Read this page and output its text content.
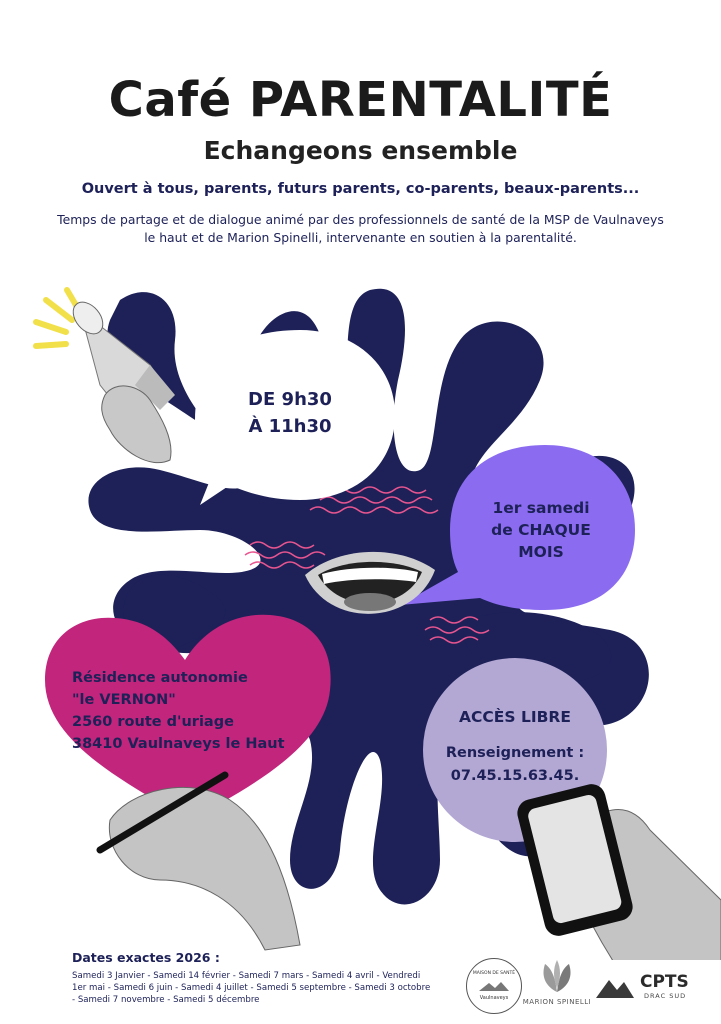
Café PARENTALITÉ
Echangeons ensemble
Ouvert à tous, parents, futurs parents, co-parents, beaux-parents...
Temps de partage et de dialogue animé par des professionnels de santé de la MSP de Vaulnaveys le haut et de Marion Spinelli, intervenante en soutien à la parentalité.
DE 9h30
À 11h30
1er samedi
de CHAQUE
MOIS
Résidence autonomie
"le VERNON"
2560 route d'uriage
38410 Vaulnaveys le Haut
ACCÈS LIBRE
Renseignement :
07.45.15.63.45.
Dates exactes 2026 :
Samedi 3 Janvier - Samedi 14 février - Samedi 7 mars - Samedi 4 avril - Vendredi 1er mai - Samedi 6 juin - Samedi 4 juillet - Samedi 5 septembre - Samedi 3 octobre - Samedi 7 novembre - Samedi 5 décembre
MAISON DE SANTÉ
Vaulnaveys	MARION SPINELLI
CPTS
DRAC SUD
